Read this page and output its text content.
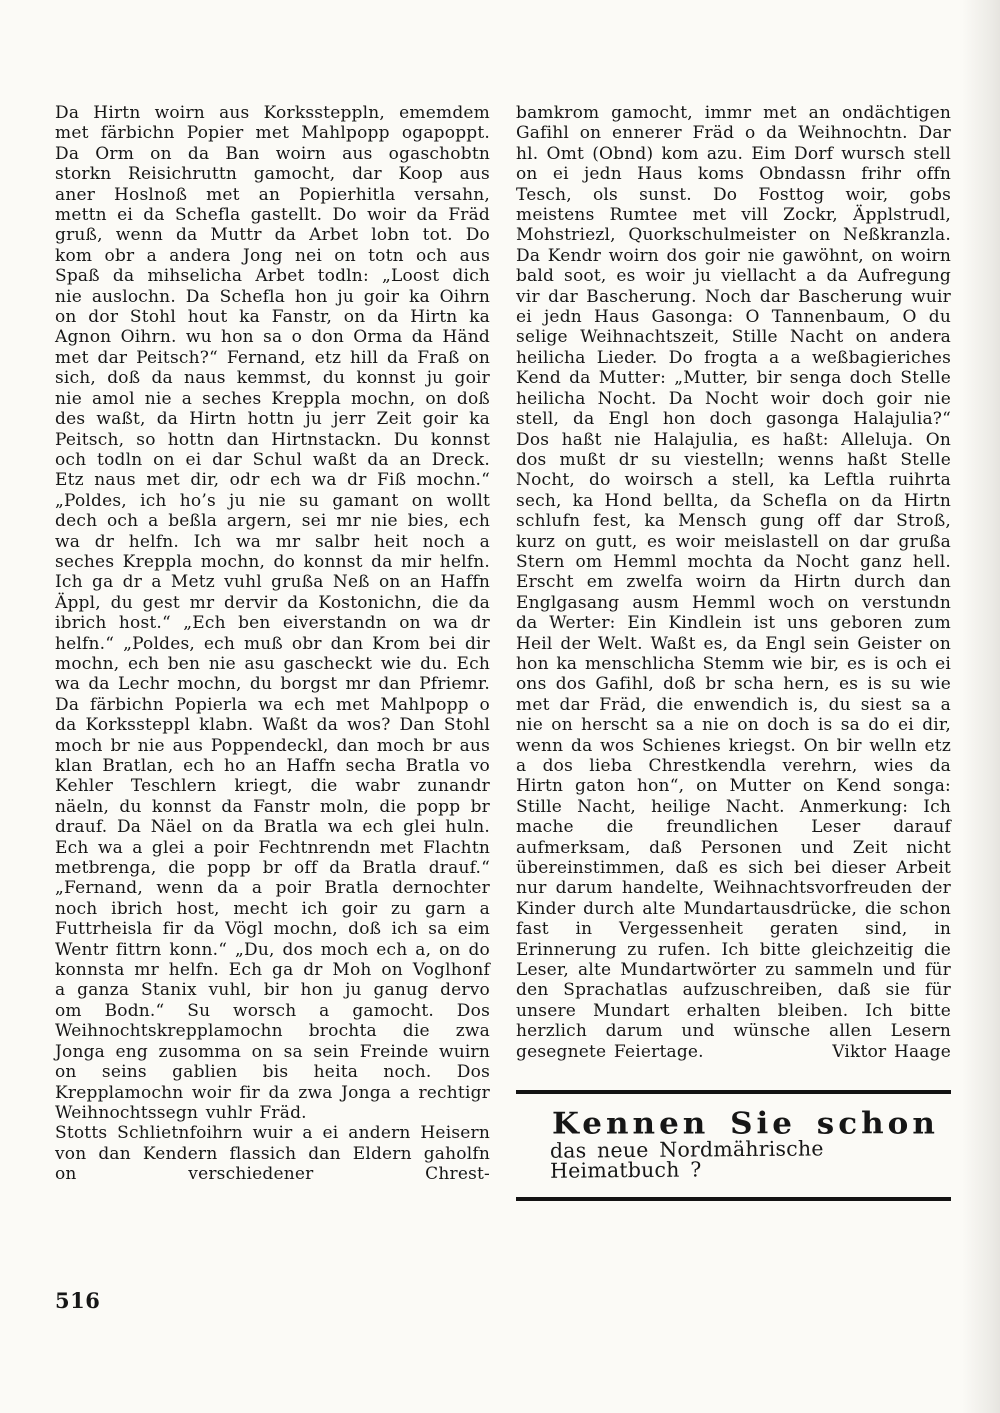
Da Hirtn woirn aus Korkssteppln, ememdem met färbichn Popier met Mahlpopp ogapoppt. Da Orm on da Ban woirn aus ogaschobtn storkn Reisichruttn gamocht, dar Koop aus aner Hoslnoß met an Popierhitla versahn, mettn ei da Schefla gastellt. Do woir da Fräd gruß, wenn da Muttr da Arbet lobn tot. Do kom obr a andera Jong nei on totn och aus Spaß da mihselicha Arbet todln: „Loost dich nie auslochn. Da Schefla hon ju goir ka Oihrn on dor Stohl hout ka Fanstr, on da Hirtn ka Agnon Oihrn. wu hon sa o don Orma da Händ met dar Peitsch?“ Fernand, etz hill da Fraß on sich, doß da naus kemmst, du konnst ju goir nie amol nie a seches Kreppla mochn, on doß des waßt, da Hirtn hottn ju jerr Zeit goir ka Peitsch, so hottn dan Hirtnstackn. Du konnst och todln on ei dar Schul waßt da an Dreck. Etz naus met dir, odr ech wa dr Fiß mochn.“ „Poldes, ich ho’s ju nie su gamant on wollt dech och a beßla argern, sei mr nie bies, ech wa dr helfn. Ich wa mr salbr heit noch a seches Kreppla mochn, do konnst da mir helfn. Ich ga dr a Metz vuhl grußa Neß on an Haffn Äppl, du gest mr dervir da Kostonichn, die da ibrich host.“ „Ech ben eiverstandn on wa dr helfn.“ „Poldes, ech muß obr dan Krom bei dir mochn, ech ben nie asu gascheckt wie du. Ech wa da Lechr mochn, du borgst mr dan Pfriemr. Da färbichn Popierla wa ech met Mahlpopp o da Korkssteppl klabn. Waßt da wos? Dan Stohl moch br nie aus Poppendeckl, dan moch br aus klan Bratlan, ech ho an Haffn secha Bratla vo Kehler Teschlern kriegt, die wabr zunandr näeln, du konnst da Fanstr moln, die popp br drauf. Da Näel on da Bratla wa ech glei huln. Ech wa a glei a poir Fechtnrendn met Flachtn metbrenga, die popp br off da Bratla drauf.“ „Fernand, wenn da a poir Bratla dernochter noch ibrich host, mecht ich goir zu garn a Futtrheisla fir da Vögl mochn, doß ich sa eim Wentr fittrn konn.“ „Du, dos moch ech a, on do konnsta mr helfn. Ech ga dr Moh on Voglhonf a ganza Stanix vuhl, bir hon ju ganug dervo om Bodn.“ Su worsch a gamocht. Dos Weihnochtskrepplamochn brochta die zwa Jonga eng zusomma on sa sein Freinde wuirn on seins gablien bis heita noch. Dos Krepplamochn woir fir da zwa Jonga a rechtigr Weihnochtssegn vuhlr Fräd.

Stotts Schlietnfoihrn wuir a ei andern Heisern von dan Kendern flassich dan Eldern gaholfn on verschiedener Chrest-

bamkrom gamocht, immr met an ondächtigen Gafihl on ennerer Fräd o da Weihnochtn. Dar hl. Omt (Obnd) kom azu. Eim Dorf wursch stell on ei jedn Haus koms Obndassn frihr offn Tesch, ols sunst. Do Fosttog woir, gobs meistens Rumtee met vill Zockr, Äpplstrudl, Mohstriezl, Quorkschulmeister on Neßkranzla. Da Kendr woirn dos goir nie gawöhnt, on woirn bald soot, es woir ju viellacht a da Aufregung vir dar Bascherung. Noch dar Bascherung wuir ei jedn Haus Gasonga: O Tannenbaum, O du selige Weihnachtszeit, Stille Nacht on andera heilicha Lieder. Do frogta a a weßbagieriches Kend da Mutter: „Mutter, bir senga doch Stelle heilicha Nocht. Da Nocht woir doch goir nie stell, da Engl hon doch gasonga Halajulia?“ Dos haßt nie Halajulia, es haßt: Alleluja. On dos mußt dr su viestelln; wenns haßt Stelle Nocht, do woirsch a stell, ka Leftla ruihrta sech, ka Hond bellta, da Schefla on da Hirtn schlufn fest, ka Mensch gung off dar Stroß, kurz on gutt, es woir meislastell on dar grußa Stern om Hemml mochta da Nocht ganz hell. Erscht em zwelfa woirn da Hirtn durch dan Englgasang ausm Hemml woch on verstundn da Werter: Ein Kindlein ist uns geboren zum Heil der Welt. Waßt es, da Engl sein Geister on hon ka menschlicha Stemm wie bir, es is och ei ons dos Gafihl, doß br scha hern, es is su wie met dar Fräd, die enwendich is, du siest sa a nie on herscht sa a nie on doch is sa do ei dir, wenn da wos Schienes kriegst. On bir welln etz a dos lieba Chrestkendla verehrn, wies da Hirtn gaton hon“, on Mutter on Kend songa: Stille Nacht, heilige Nacht. Anmerkung: Ich mache die freundlichen Leser darauf aufmerksam, daß Personen und Zeit nicht übereinstimmen, daß es sich bei dieser Arbeit nur darum handelte, Weihnachtsvorfreuden der Kinder durch alte Mundartausdrücke, die schon fast in Vergessenheit geraten sind, in Erinnerung zu rufen. Ich bitte gleichzeitig die Leser, alte Mundartwörter zu sammeln und für den Sprachatlas aufzuschreiben, daß sie für unsere Mundart erhalten bleiben. Ich bitte herzlich darum und wünsche allen Lesern

gesegnete Feiertage.	Viktor Haage
Kennen Sie schon
das neue Nordmährische Heimatbuch ?
516
